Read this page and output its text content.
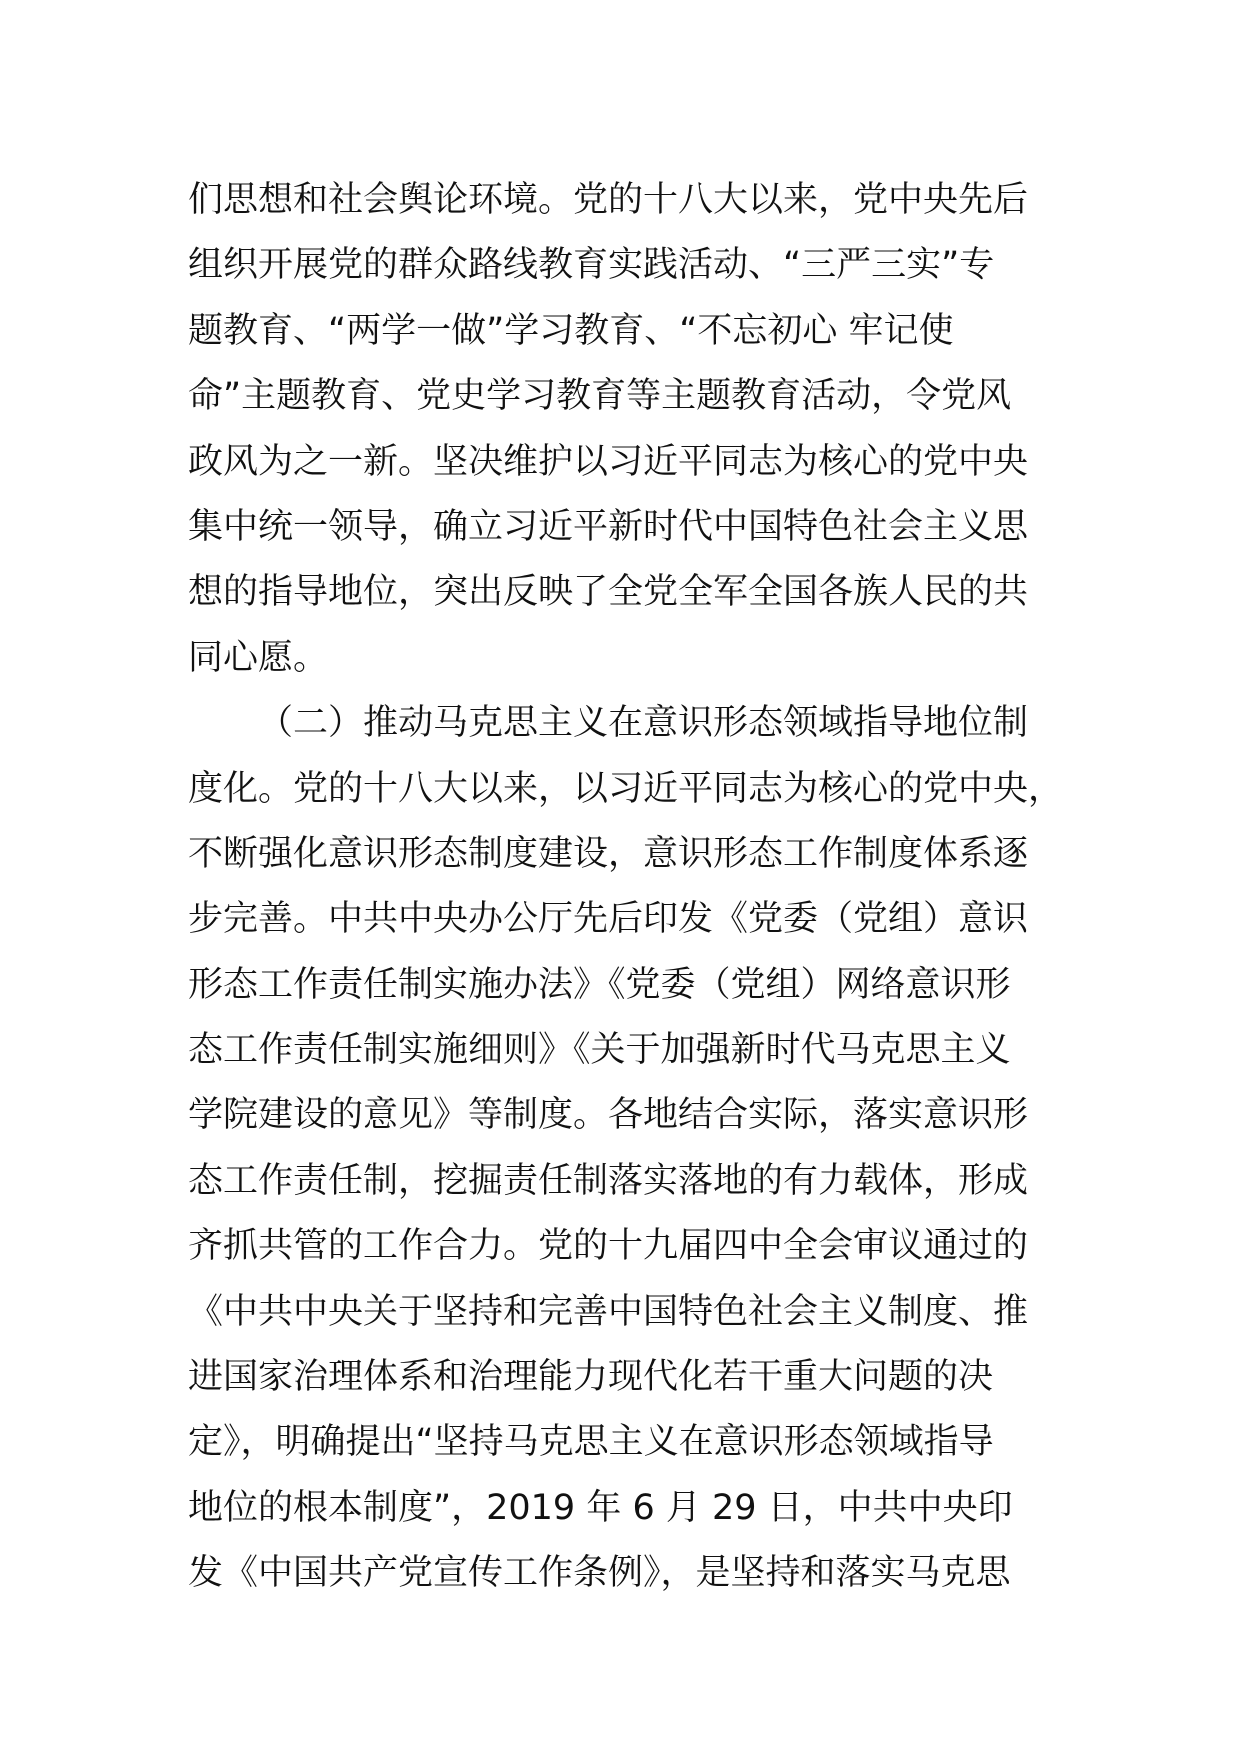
们思想和社会舆论环境。党的十八大以来，党中央先后
组织开展党的群众路线教育实践活动、“三严三实”专
题教育、“两学一做”学习教育、“不忘初心 牢记使
命”主题教育、党史学习教育等主题教育活动，令党风
政风为之一新。坚决维护以习近平同志为核心的党中央
集中统一领导，确立习近平新时代中国特色社会主义思
想的指导地位，突出反映了全党全军全国各族人民的共
同心愿。
（二）推动马克思主义在意识形态领域指导地位制
度化。党的十八大以来，以习近平同志为核心的党中央，
不断强化意识形态制度建设，意识形态工作制度体系逐
步完善。中共中央办公厅先后印发《党委（党组）意识
形态工作责任制实施办法》《党委（党组）网络意识形
态工作责任制实施细则》《关于加强新时代马克思主义
学院建设的意见》等制度。各地结合实际，落实意识形
态工作责任制，挖掘责任制落实落地的有力载体，形成
齐抓共管的工作合力。党的十九届四中全会审议通过的
《中共中央关于坚持和完善中国特色社会主义制度、推
进国家治理体系和治理能力现代化若干重大问题的决
定》，明确提出“坚持马克思主义在意识形态领域指导
地位的根本制度”，2019 年 6 月 29 日，中共中央印
发《中国共产党宣传工作条例》，是坚持和落实马克思
